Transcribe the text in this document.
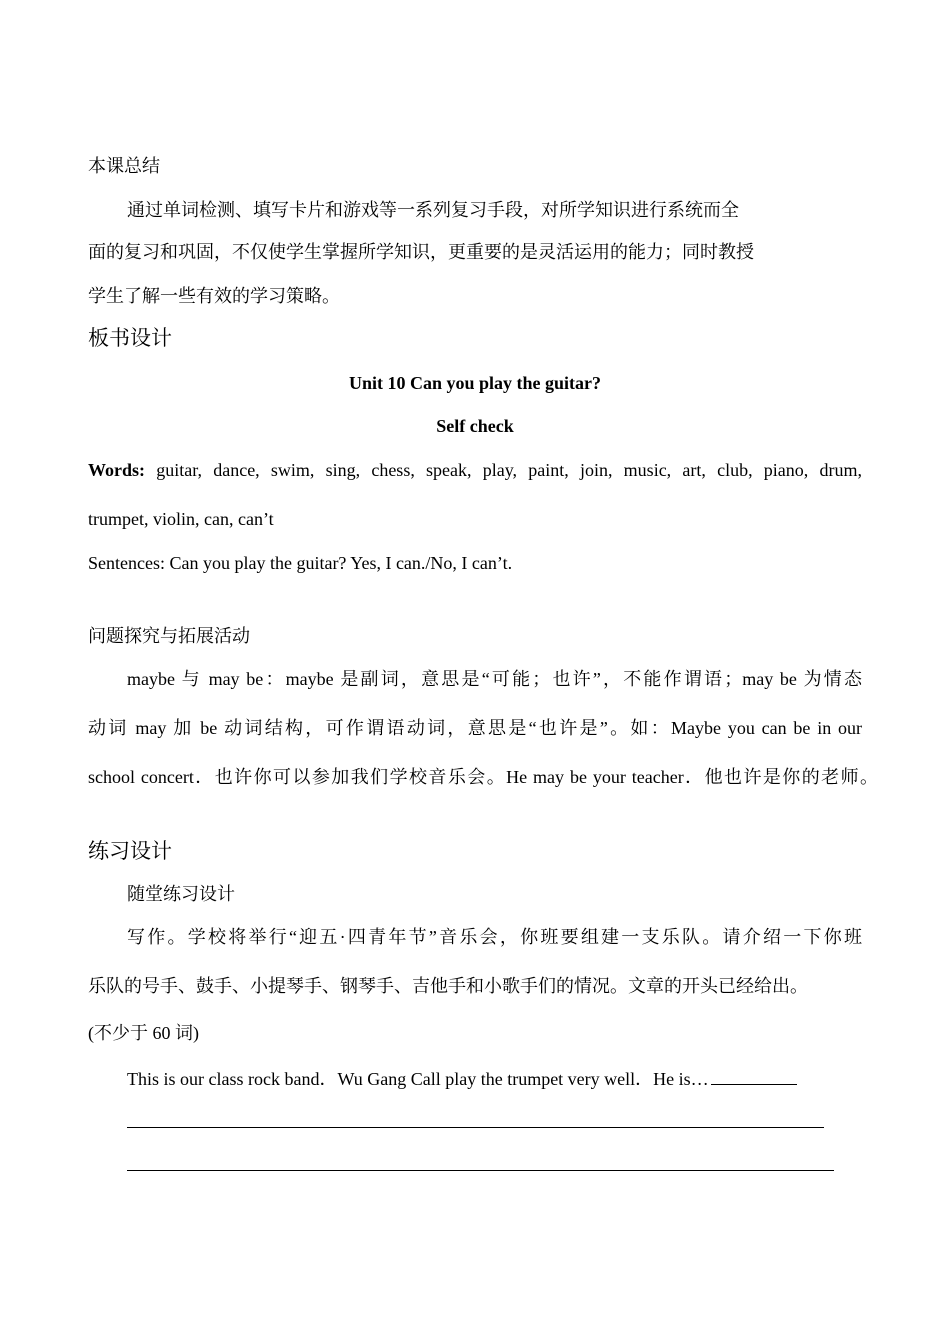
本课总结
通过单词检测、填写卡片和游戏等一系列复习手段，对所学知识进行系统而全
面的复习和巩固，不仅使学生掌握所学知识，更重要的是灵活运用的能力；同时教授
学生了解一些有效的学习策略。
板书设计
Unit 10 Can you play the guitar?
Self check
Words: guitar, dance, swim, sing, chess, speak, play, paint, join, music, art, club, piano, drum,
trumpet, violin, can, can’t
Sentences: Can you play the guitar? Yes, I can./No, I can’t.
问题探究与拓展活动
maybe 与 may be：maybe 是副词，意思是“可能；也许”，不能作谓语；may be 为情态
动词 may 加 be 动词结构，可作谓语动词，意思是“也许是”。如：Maybe you can be in our
school concert．也许你可以参加我们学校音乐会。He may be your teacher．他也许是你的老师。
练习设计
随堂练习设计
写作。学校将举行“迎五·四青年节”音乐会，你班要组建一支乐队。请介绍一下你班
乐队的号手、鼓手、小提琴手、钢琴手、吉他手和小歌手们的情况。文章的开头已经给出。
(不少于 60 词)
This is our class rock band．Wu Gang Call play the trumpet very well．He is…
